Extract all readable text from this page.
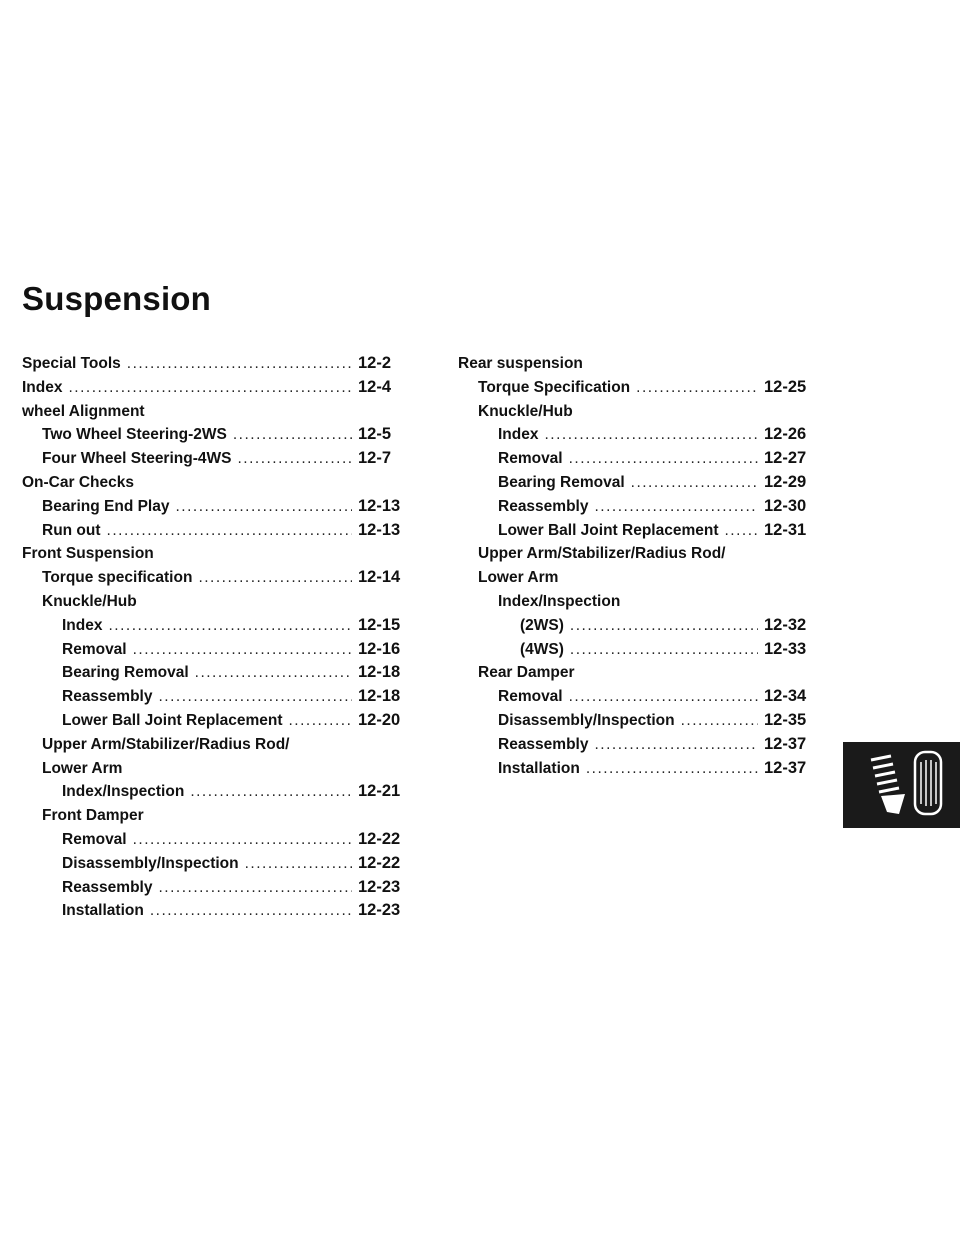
Suspension
Special Tools .....	12-2
Index .....	12-4
wheel Alignment
Two Wheel Steering-2WS .....	12-5
Four Wheel Steering-4WS .....	12-7
On-Car Checks
Bearing End Play .....	12-13
Run out .....	12-13
Front Suspension
Torque specification .....	12-14
Knuckle/Hub
Index .....	12-15
Removal .....	12-16
Bearing Removal .....	12-18
Reassembly .....	12-18
Lower Ball Joint Replacement .....	12-20
Upper Arm/Stabilizer/Radius Rod/
Lower Arm
Index/Inspection .....	12-21
Front Damper
Removal .....	12-22
Disassembly/Inspection .....	12-22
Reassembly .....	12-23
Installation .....	12-23
Rear suspension
Torque Specification .....	12-25
Knuckle/Hub
Index .....	12-26
Removal .....	12-27
Bearing Removal .....	12-29
Reassembly .....	12-30
Lower Ball Joint Replacement .....	12-31
Upper Arm/Stabilizer/Radius Rod/
Lower Arm
Index/Inspection
(2WS) .....	12-32
(4WS) .....	12-33
Rear Damper
Removal .....	12-34
Disassembly/Inspection .....	12-35
Reassembly .....	12-37
Installation .....	12-37
